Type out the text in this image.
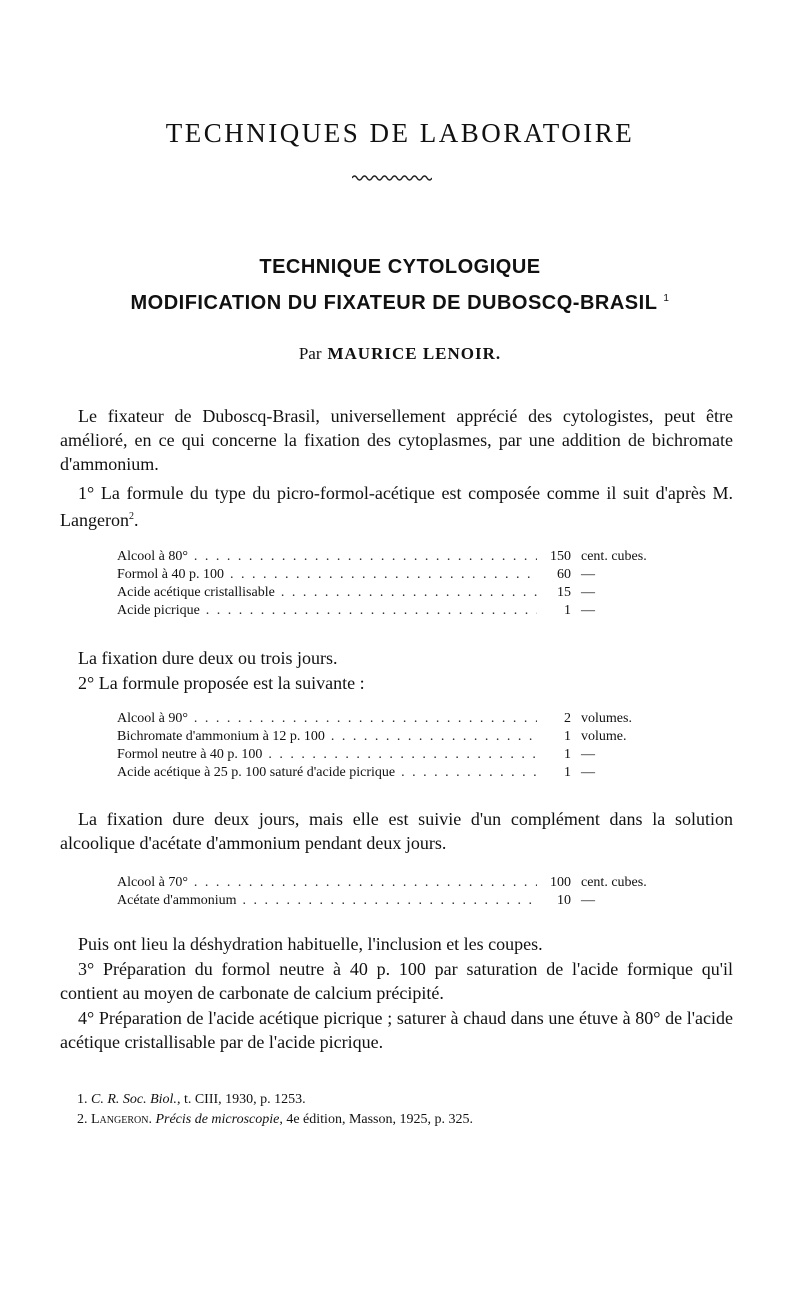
TECHNIQUES DE LABORATOIRE
TECHNIQUE CYTOLOGIQUE
MODIFICATION DU FIXATEUR DE DUBOSCQ-BRASIL $^1$
Par MAURICE LENOIR.
Le fixateur de Duboscq-Brasil, universellement apprécié des cytologistes, peut être amélioré, en ce qui concerne la fixation des cytoplasmes, par une addition de bichromate d'ammonium.
1° La formule du type du picro-formol-acétique est composée comme il suit d'après M. Langeron$^2$.
Alcool à 80° . . .	150 cent. cubes.
Formol à 40 p. 100 . . .	60 —
Acide acétique cristallisable . . .	15 —
Acide picrique . . .	1 —
La fixation dure deux ou trois jours.
2° La formule proposée est la suivante :
Alcool à 90° . . .	2 volumes.
Bichromate d'ammonium à 12 p. 100 . . .	1 volume.
Formol neutre à 40 p. 100 . . .	1 —
Acide acétique à 25 p. 100 saturé d'acide picrique . . .	1 —
La fixation dure deux jours, mais elle est suivie d'un complément dans la solution alcoolique d'acétate d'ammonium pendant deux jours.
Alcool à 70° . . .	100 cent. cubes.
Acétate d'ammonium . . .	10 —
Puis ont lieu la déshydration habituelle, l'inclusion et les coupes.
3° Préparation du formol neutre à 40 p. 100 par saturation de l'acide formique qu'il contient au moyen de carbonate de calcium précipité.
4° Préparation de l'acide acétique picrique ; saturer à chaud dans une étuve à 80° de l'acide acétique cristallisable par de l'acide picrique.
1. C. R. Soc. Biol., t. CIII, 1930, p. 1253.
2. Langeron. Précis de microscopie, 4e édition, Masson, 1925, p. 325.
